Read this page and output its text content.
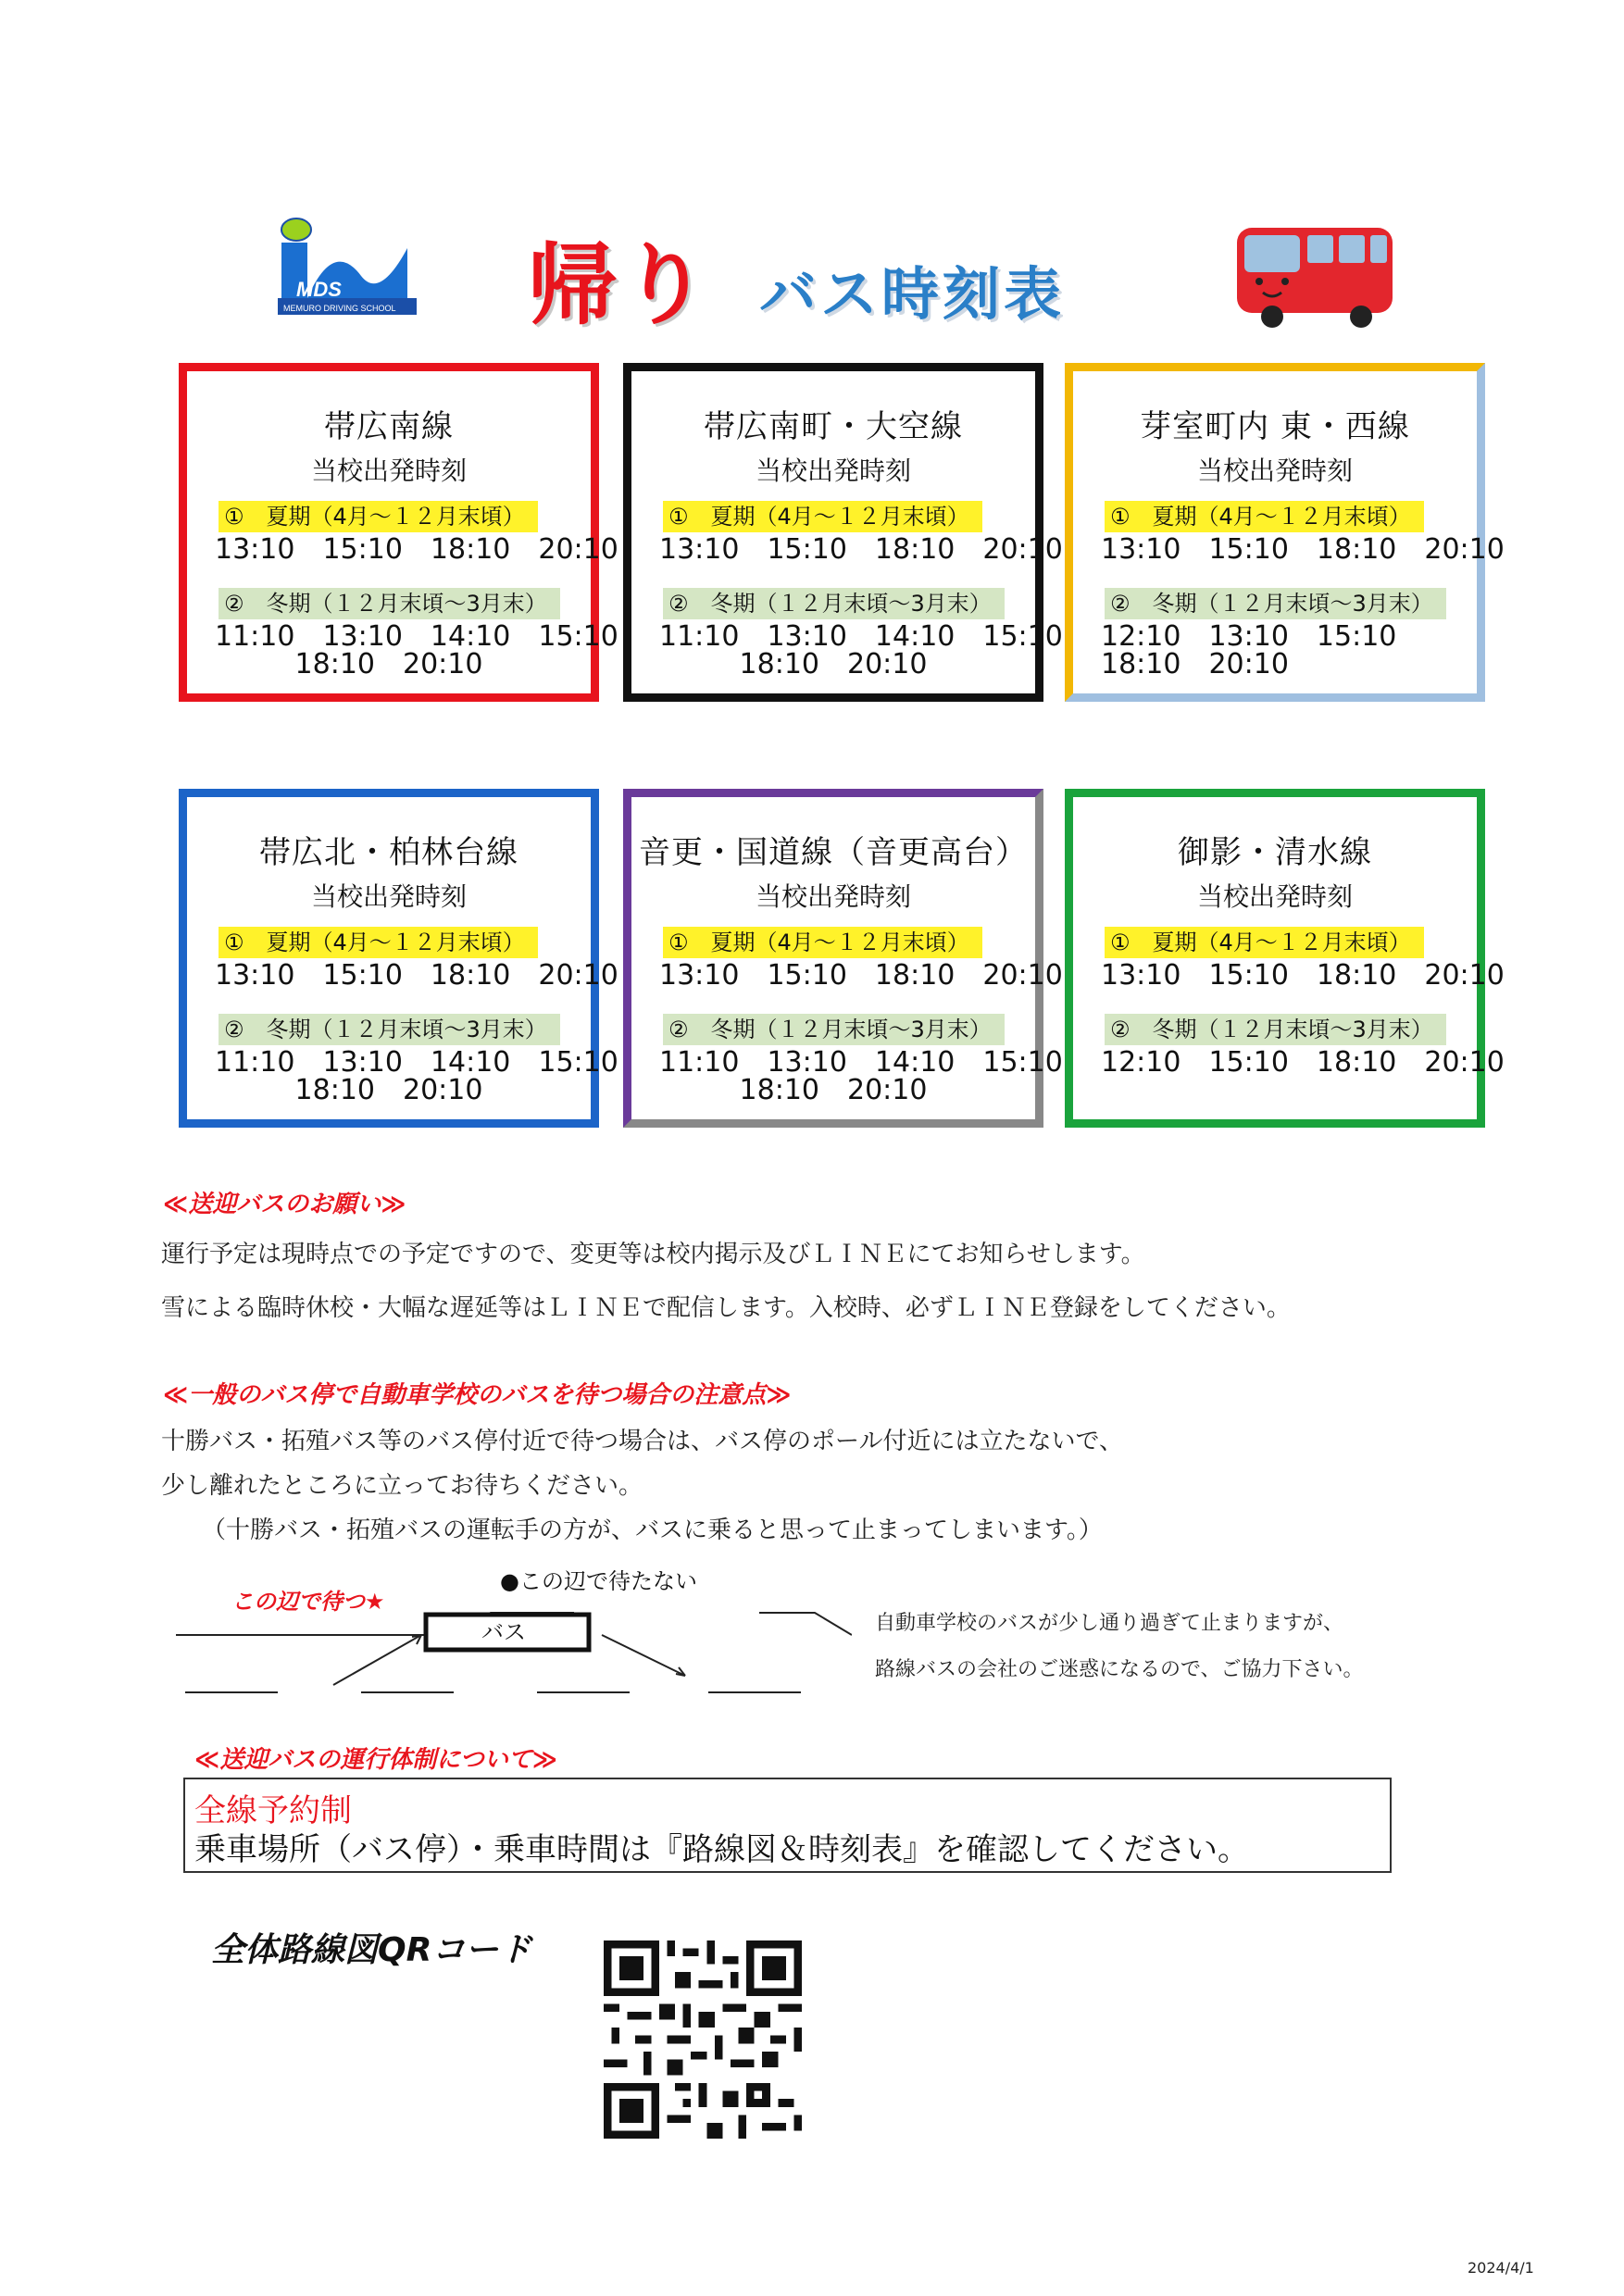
MDS
MEMURO DRIVING SCHOOL 帰り バス時刻表
帯広南線
当校出発時刻
①　夏期（4月〜１２月末頃）
13:10　15:10　18:10　20:10
②　冬期（１２月末頃〜3月末）
11:10　13:10　14:10　15:10
18:10　20:10
帯広南町・大空線
当校出発時刻
①　夏期（4月〜１２月末頃）
13:10　15:10　18:10　20:10
②　冬期（１２月末頃〜3月末）
11:10　13:10　14:10　15:10
18:10　20:10
芽室町内 東・西線
当校出発時刻
①　夏期（4月〜１２月末頃）
13:10　15:10　18:10　20:10
②　冬期（１２月末頃〜3月末）
12:10　13:10　15:10
18:10　20:10
帯広北・柏林台線
当校出発時刻
①　夏期（4月〜１２月末頃）
13:10　15:10　18:10　20:10
②　冬期（１２月末頃〜3月末）
11:10　13:10　14:10　15:10
18:10　20:10
音更・国道線（音更高台）
当校出発時刻
①　夏期（4月〜１２月末頃）
13:10　15:10　18:10　20:10
②　冬期（１２月末頃〜3月末）
11:10　13:10　14:10　15:10
18:10　20:10
御影・清水線
当校出発時刻
①　夏期（4月〜１２月末頃）
13:10　15:10　18:10　20:10
②　冬期（１２月末頃〜3月末）
12:10　15:10　18:10　20:10
≪送迎バスのお願い≫
運行予定は現時点での予定ですので、変更等は校内掲示及びＬＩＮＥにてお知らせします。
雪による臨時休校・大幅な遅延等はＬＩＮＥで配信します。入校時、必ずＬＩＮＥ登録をしてください。
≪一般のバス停で自動車学校のバスを待つ場合の注意点≫
十勝バス・拓殖バス等のバス停付近で待つ場合は、バス停のポール付近には立たないで、
少し離れたところに立ってお待ちください。
（十勝バス・拓殖バスの運転手の方が、バスに乗ると思って止まってしまいます。）
この辺で待つ★
●この辺で待たない
バス	自動車学校のバスが少し通り過ぎて止まりますが、
路線バスの会社のご迷惑になるので、ご協力下さい。
≪送迎バスの運行体制について≫
全線予約制
乗車場所（バス停）・乗車時間は『路線図＆時刻表』を確認してください。
全体路線図QRコード
2024/4/1
